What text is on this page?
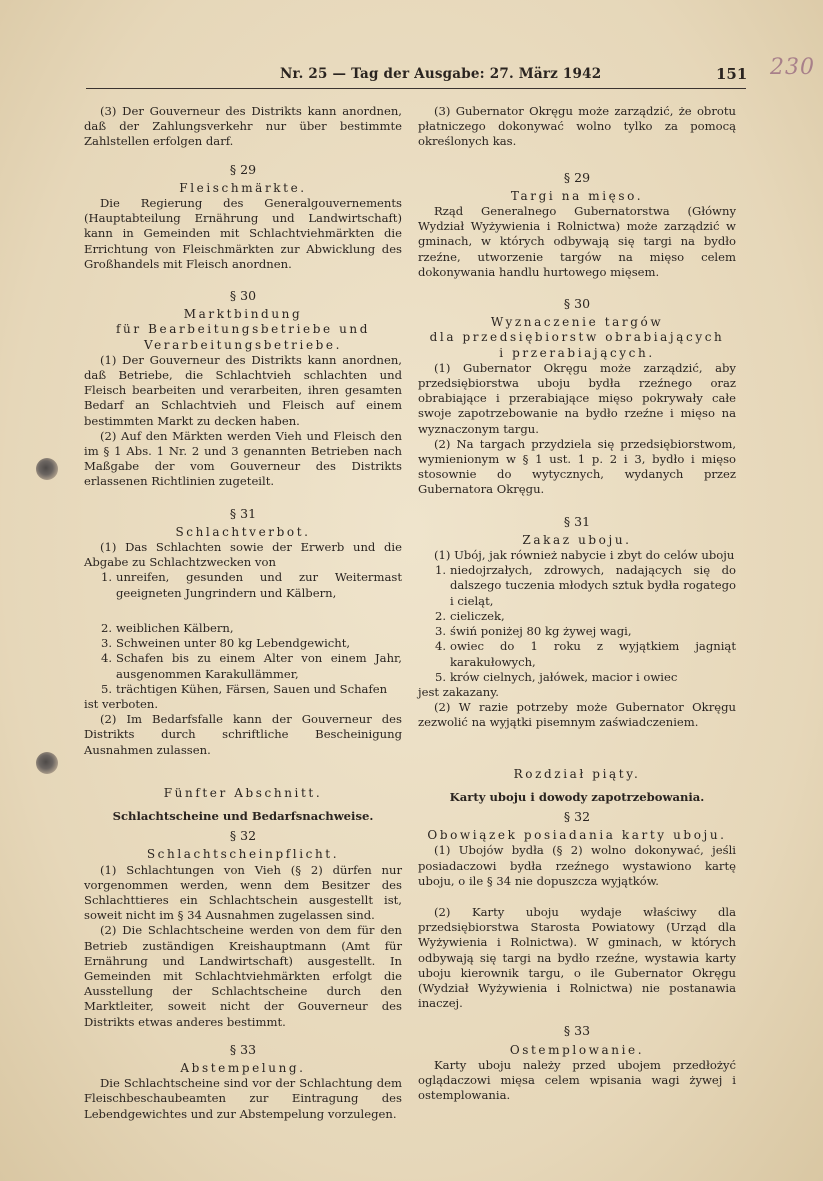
Nr. 25 — Tag der Ausgabe: 27. März 1942	151 230

(3) Der Gouverneur des Distrikts kann anordnen, daß der Zahlungsverkehr nur über bestimmte Zahlstellen erfolgen darf.

§ 29

Fleischmärkte.

Die Regierung des Generalgouvernements (Hauptabteilung Ernährung und Landwirtschaft) kann in Gemeinden mit Schlachtviehmärkten die Errichtung von Fleischmärkten zur Abwicklung des Großhandels mit Fleisch anordnen.

§ 30

Marktbindung

für Bearbeitungsbetriebe und

Verarbeitungsbetriebe.

(1) Der Gouverneur des Distrikts kann anordnen, daß Betriebe, die Schlachtvieh schlachten und Fleisch bearbeiten und verarbeiten, ihren gesamten Bedarf an Schlachtvieh und Fleisch auf einem bestimmten Markt zu decken haben.

(2) Auf den Märkten werden Vieh und Fleisch den im § 1 Abs. 1 Nr. 2 und 3 genannten Betrieben nach Maßgabe der vom Gouverneur des Distrikts erlassenen Richtlinien zugeteilt.

§ 31

Schlachtverbot.

(1) Das Schlachten sowie der Erwerb und die Abgabe zu Schlachtzwecken von

1. unreifen, gesunden und zur Weitermast geeigneten Jungrindern und Kälbern,
2. weiblichen Kälbern,
3. Schweinen unter 80 kg Lebendgewicht,
4. Schafen bis zu einem Alter von einem Jahr, ausgenommen Karakullämmer,
5. trächtigen Kühen, Färsen, Sauen und Schafen

ist verboten.

(2) Im Bedarfsfalle kann der Gouverneur des Distrikts durch schriftliche Bescheinigung Ausnahmen zulassen.

Fünfter Abschnitt.

Schlachtscheine und Bedarfsnachweise.

§ 32

Schlachtscheinpflicht.

(1) Schlachtungen von Vieh (§ 2) dürfen nur vorgenommen werden, wenn dem Besitzer des Schlachttieres ein Schlachtschein ausgestellt ist, soweit nicht im § 34 Ausnahmen zugelassen sind.

(2) Die Schlachtscheine werden von dem für den Betrieb zuständigen Kreishauptmann (Amt für Ernährung und Landwirtschaft) ausgestellt. In Gemeinden mit Schlachtviehmärkten erfolgt die Ausstellung der Schlachtscheine durch den Marktleiter, soweit nicht der Gouverneur des Distrikts etwas anderes bestimmt.

§ 33

Abstempelung.

Die Schlachtscheine sind vor der Schlachtung dem Fleischbeschaubeamten zur Eintragung des Lebendgewichtes und zur Abstempelung vorzulegen.

(3) Gubernator Okręgu może zarządzić, że obrotu płatniczego dokonywać wolno tylko za pomocą określonych kas.

§ 29

Targi na mięso.

Rząd Generalnego Gubernatorstwa (Główny Wydział Wyżywienia i Rolnictwa) może zarządzić w gminach, w których odbywają się targi na bydło rzeźne, utworzenie targów na mięso celem dokonywania handlu hurtowego mięsem.

§ 30

Wyznaczenie targów

dla przedsiębiorstw obrabiających

i przerabiających.

(1) Gubernator Okręgu może zarządzić, aby przedsiębiorstwa uboju bydła rzeźnego oraz obrabiające i przerabiające mięso pokrywały całe swoje zapotrzebowanie na bydło rzeźne i mięso na wyznaczonym targu.

(2) Na targach przydziela się przedsiębiorstwom, wymienionym w § 1 ust. 1 p. 2 i 3, bydło i mięso stosownie do wytycznych, wydanych przez Gubernatora Okręgu.

§ 31

Zakaz uboju.

(1) Ubój, jak również nabycie i zbyt do celów uboju

1. niedojrzałych, zdrowych, nadających się do dalszego tuczenia młodych sztuk bydła rogatego i cieląt,
2. cieliczek,
3. świń poniżej 80 kg żywej wagi,
4. owiec do 1 roku z wyjątkiem jagniąt karakułowych,
5. krów cielnych, jałówek, macior i owiec

jest zakazany.

(2) W razie potrzeby może Gubernator Okręgu zezwolić na wyjątki pisemnym zaświadczeniem.

Rozdział piąty.

Karty uboju i dowody zapotrzebowania.

§ 32

Obowiązek posiadania karty uboju.

(1) Ubojów bydła (§ 2) wolno dokonywać, jeśli posiadaczowi bydła rzeźnego wystawiono kartę uboju, o ile § 34 nie dopuszcza wyjątków.

(2) Karty uboju wydaje właściwy dla przedsiębiorstwa Starosta Powiatowy (Urząd dla Wyżywienia i Rolnictwa). W gminach, w których odbywają się targi na bydło rzeźne, wystawia karty uboju kierownik targu, o ile Gubernator Okręgu (Wydział Wyżywienia i Rolnictwa) nie postanawia inaczej.

§ 33

Ostemplowanie.

Karty uboju należy przed ubojem przedłożyć oglądaczowi mięsa celem wpisania wagi żywej i ostemplowania.
